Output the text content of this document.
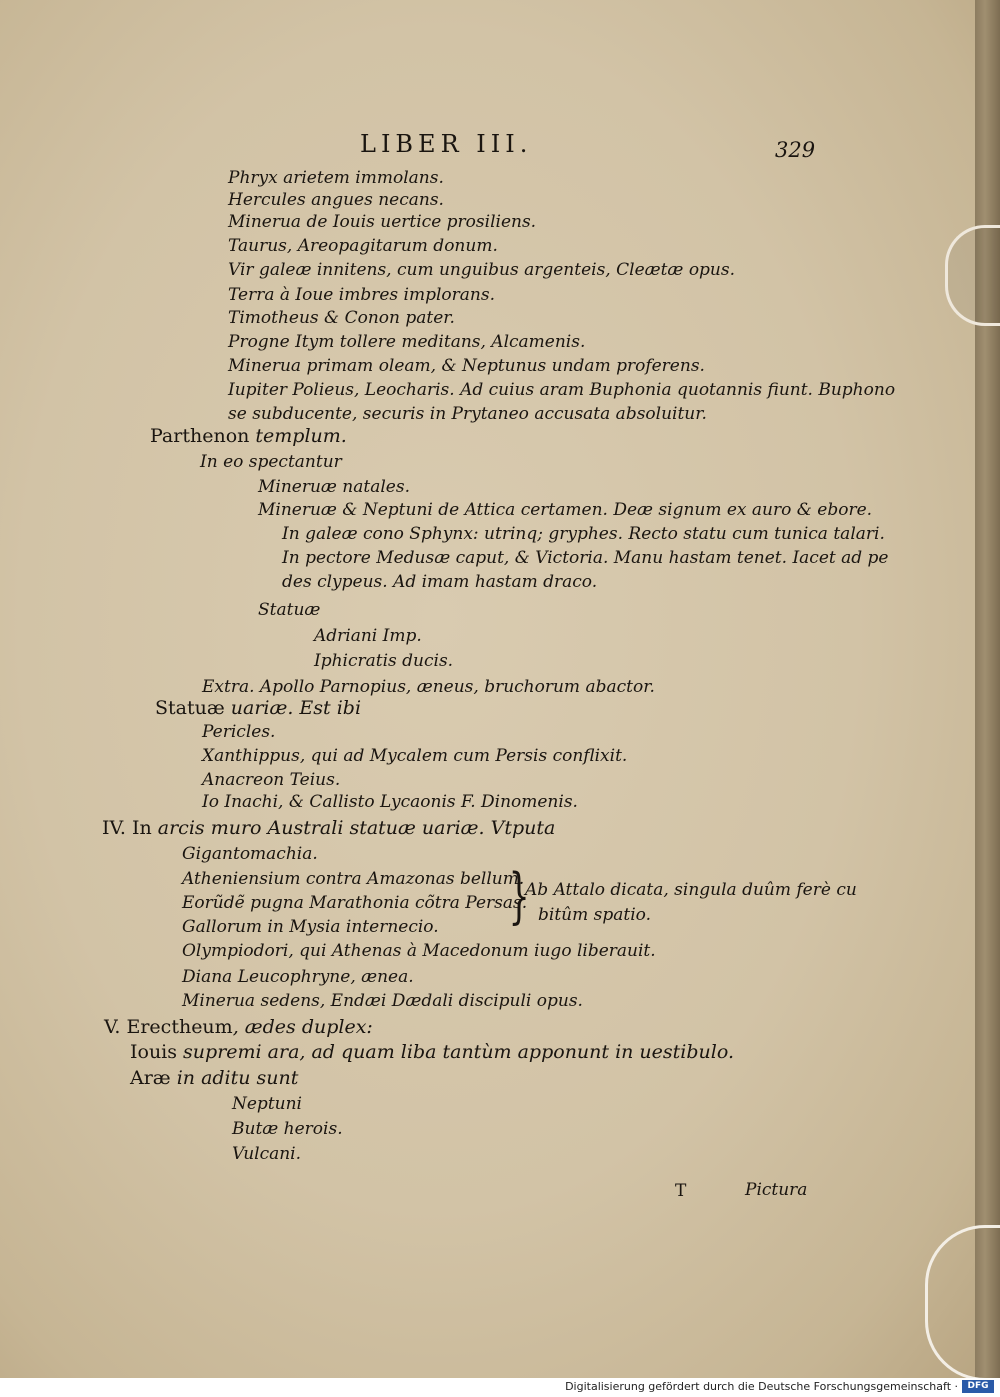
LIBER III.	329
Phryx arietem immolans.
Hercules angues necans.
Minerua de Iouis uertice prosiliens.
Taurus, Areopagitarum donum.
Vir galeæ innitens, cum unguibus argenteis, Cleætæ opus.
Terra à Ioue imbres implorans.
Timotheus & Conon pater.
Progne Itym tollere meditans, Alcamenis.
Minerua primam oleam, & Neptunus undam proferens.
Iupiter Polieus, Leocharis. Ad cuius aram Buphonia quotannis fiunt. Buphono
se subducente, securis in Prytaneo accusata absoluitur.
Parthenon templum.
In eo spectantur
Mineruæ natales.
Mineruæ & Neptuni de Attica certamen. Deæ signum ex auro & ebore.
In galeæ cono Sphynx: utrinq; gryphes. Recto statu cum tunica talari.
In pectore Medusæ caput, & Victoria. Manu hastam tenet. Iacet ad pe
des clypeus. Ad imam hastam draco.
Statuæ
Adriani Imp.
Iphicratis ducis.
Extra. Apollo Parnopius, æneus, bruchorum abactor.
Statuæ uariæ. Est ibi
Pericles.
Xanthippus, qui ad Mycalem cum Persis conflixit.
Anacreon Teius.
Io Inachi, & Callisto Lycaonis F. Dinomenis.
IV. In arcis muro Australi statuæ uariæ. Vtputa
Gigantomachia.
Atheniensium contra Amazonas bellum.
Eorũdẽ pugna Marathonia cõtra Persas.
Gallorum in Mysia internecio.
Ab Attalo dicata, singula duûm ferè cu
bitûm spatio.
Olympiodori, qui Athenas à Macedonum iugo liberauit.
Diana Leucophryne, ænea.
Minerua sedens, Endæi Dædali discipuli opus.
V. Erectheum, ædes duplex:
Iouis supremi ara, ad quam liba tantùm apponunt in uestibulo.
Aræ in aditu sunt
Neptuni
Butæ herois.
Vulcani.
T	Pictura
}
Digitalisierung gefördert durch die Deutsche Forschungsgemeinschaft ·	DFG
